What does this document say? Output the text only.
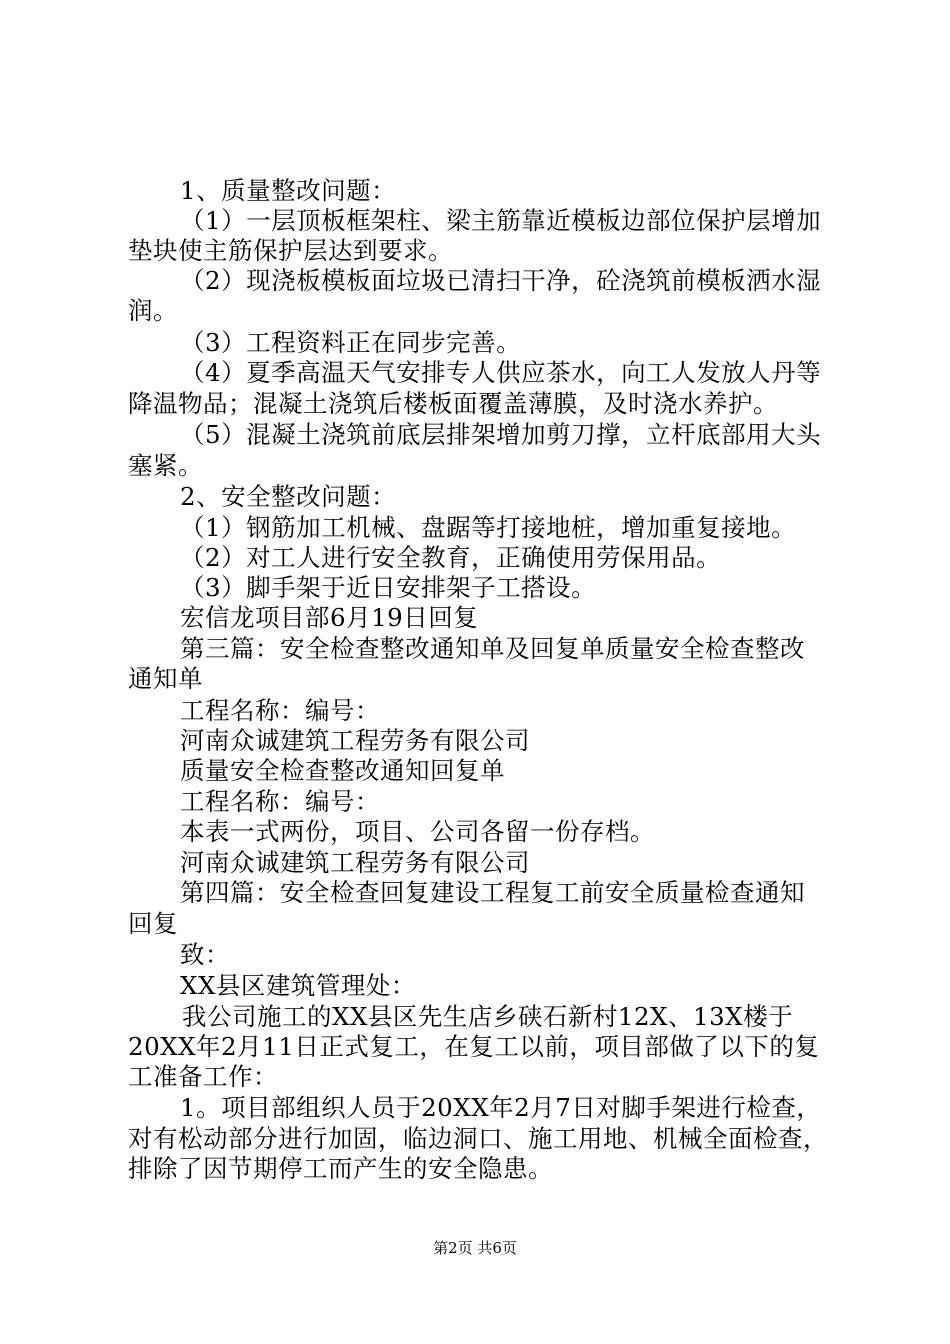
1、质量整改问题：
（1）一层顶板框架柱、梁主筋靠近模板边部位保护层增加
垫块使主筋保护层达到要求。
（2）现浇板模板面垃圾已清扫干净，砼浇筑前模板洒水湿
润。
（3）工程资料正在同步完善。
（4）夏季高温天气安排专人供应茶水，向工人发放人丹等
降温物品；混凝土浇筑后楼板面覆盖薄膜，及时浇水养护。
（5）混凝土浇筑前底层排架增加剪刀撑，立杆底部用大头
塞紧。
2、安全整改问题：
（1）钢筋加工机械、盘踞等打接地桩，增加重复接地。
（2）对工人进行安全教育，正确使用劳保用品。
（3）脚手架于近日安排架子工搭设。
宏信龙项目部6月19日回复
第三篇：安全检查整改通知单及回复单质量安全检查整改
通知单
工程名称：编号：
河南众诚建筑工程劳务有限公司
质量安全检查整改通知回复单
工程名称：编号：
本表一式两份，项目、公司各留一份存档。
河南众诚建筑工程劳务有限公司
第四篇：安全检查回复建设工程复工前安全质量检查通知
回复
致：
XX县区建筑管理处：
我公司施工的XX县区先生店乡硖石新村12X、13X楼于
20XX年2月11日正式复工，在复工以前，项目部做了以下的复
工准备工作：
1。项目部组织人员于20XX年2月7日对脚手架进行检查，
对有松动部分进行加固，临边洞口、施工用地、机械全面检查，
排除了因节期停工而产生的安全隐患。
第2页 共6页
